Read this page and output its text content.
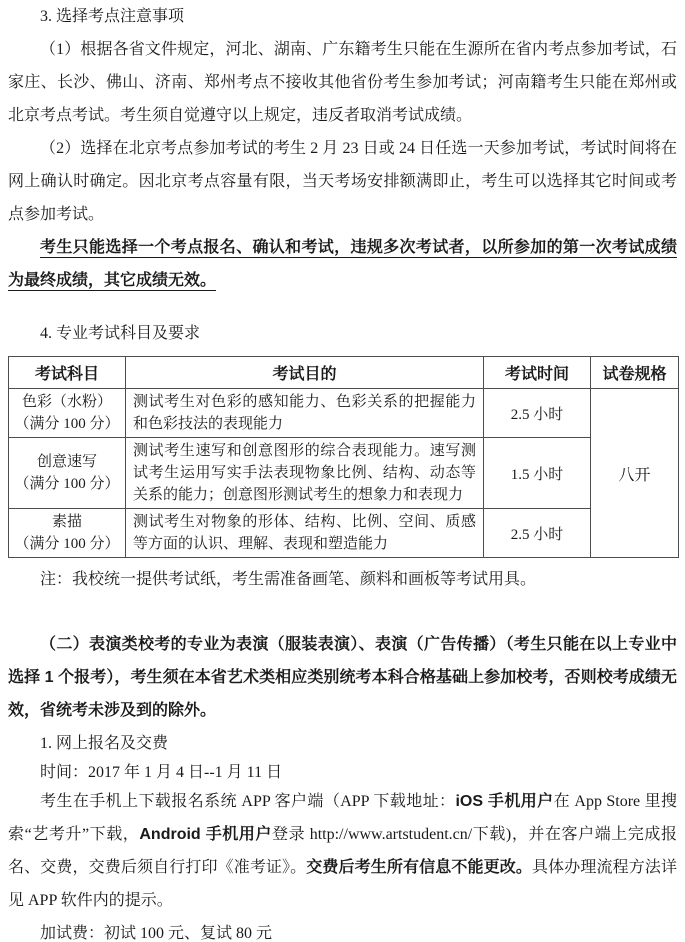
3. 选择考点注意事项

（1）根据各省文件规定，河北、湖南、广东籍考生只能在生源所在省内考点参加考试，石家庄、长沙、佛山、济南、郑州考点不接收其他省份考生参加考试；河南籍考生只能在郑州或北京考点考试。考生须自觉遵守以上规定，违反者取消考试成绩。

（2）选择在北京考点参加考试的考生 2 月 23 日或 24 日任选一天参加考试，考试时间将在网上确认时确定。因北京考点容量有限，当天考场安排额满即止，考生可以选择其它时间或考点参加考试。

考生只能选择一个考点报名、确认和考试，违规多次考试者，以所参加的第一次考试成绩为最终成绩，其它成绩无效。

4. 专业考试科目及要求

考试科目	考试目的	考试时间	试卷规格

色彩（水粉）
（满分 100 分）	测试考生对色彩的感知能力、色彩关系的把握能力和色彩技法的表现能力	2.5 小时	八开

创意速写
（满分 100 分）	测试考生速写和创意图形的综合表现能力。速写测试考生运用写实手法表现物象比例、结构、动态等关系的能力；创意图形测试考生的想象力和表现力	1.5 小时	

素描
（满分 100 分）	测试考生对物象的形体、结构、比例、空间、质感等方面的认识、理解、表现和塑造能力	2.5 小时	

注：我校统一提供考试纸，考生需准备画笔、颜料和画板等考试用具。

（二）表演类校考的专业为表演（服装表演）、表演（广告传播）（考生只能在以上专业中选择 1 个报考），考生须在本省艺术类相应类别统考本科合格基础上参加校考，否则校考成绩无效，省统考未涉及到的除外。

1. 网上报名及交费

时间：2017 年 1 月 4 日--1 月 11 日

考生在手机上下载报名系统 APP 客户端（APP 下载地址：iOS 手机用户在 App Store 里搜索“艺考升”下载，Android 手机用户登录 http://www.artstudent.cn/下载)，并在客户端上完成报名、交费，交费后须自行打印《准考证》。交费后考生所有信息不能更改。具体办理流程方法详见 APP 软件内的提示。

加试费：初试 100 元、复试 80 元
